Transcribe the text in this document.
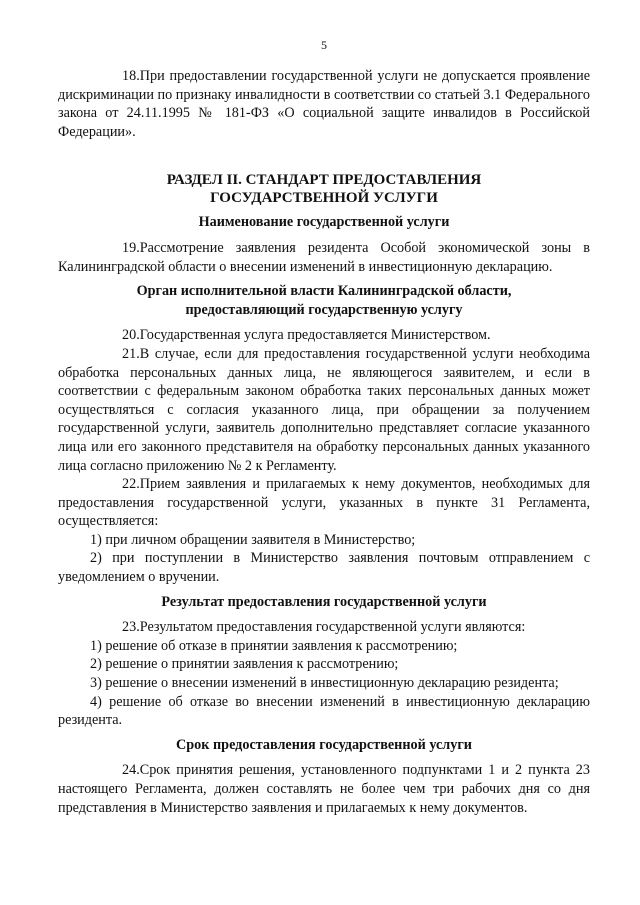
5

18.При предоставлении государственной услуги не допускается проявление дискриминации по признаку инвалидности в соответствии со статьей 3.1 Федерального закона от 24.11.1995 № 181-ФЗ «О социальной защите инвалидов в Российской Федерации».

РАЗДЕЛ II. СТАНДАРТ ПРЕДОСТАВЛЕНИЯ
ГОСУДАРСТВЕННОЙ УСЛУГИ
Наименование государственной услуги

19.Рассмотрение заявления резидента Особой экономической зоны в Калининградской области о внесении изменений в инвестиционную декларацию.

Орган исполнительной власти Калининградской области,
предоставляющий государственную услугу

20.Государственная услуга предоставляется Министерством.

21.В случае, если для предоставления государственной услуги необходима обработка персональных данных лица, не являющегося заявителем, и если в соответствии с федеральным законом обработка таких персональных данных может осуществляться с согласия указанного лица, при обращении за получением государственной услуги, заявитель дополнительно представляет согласие указанного лица или его законного представителя на обработку персональных данных указанного лица согласно приложению № 2 к Регламенту.

22.Прием заявления и прилагаемых к нему документов, необходимых для предоставления государственной услуги, указанных в пункте 31 Регламента, осуществляется:

1) при личном обращении заявителя в Министерство;

2) при поступлении в Министерство заявления почтовым отправлением с уведомлением о вручении.

Результат предоставления государственной услуги

23.Результатом предоставления государственной услуги являются:

1) решение об отказе в принятии заявления к рассмотрению;

2) решение о принятии заявления к рассмотрению;

3) решение о внесении изменений в инвестиционную декларацию резидента;

4) решение об отказе во внесении изменений в инвестиционную декларацию резидента.

Срок предоставления государственной услуги

24.Срок принятия решения, установленного подпунктами 1 и 2 пункта 23 настоящего Регламента, должен составлять не более чем три рабочих дня со дня представления в Министерство заявления и прилагаемых к нему документов.
